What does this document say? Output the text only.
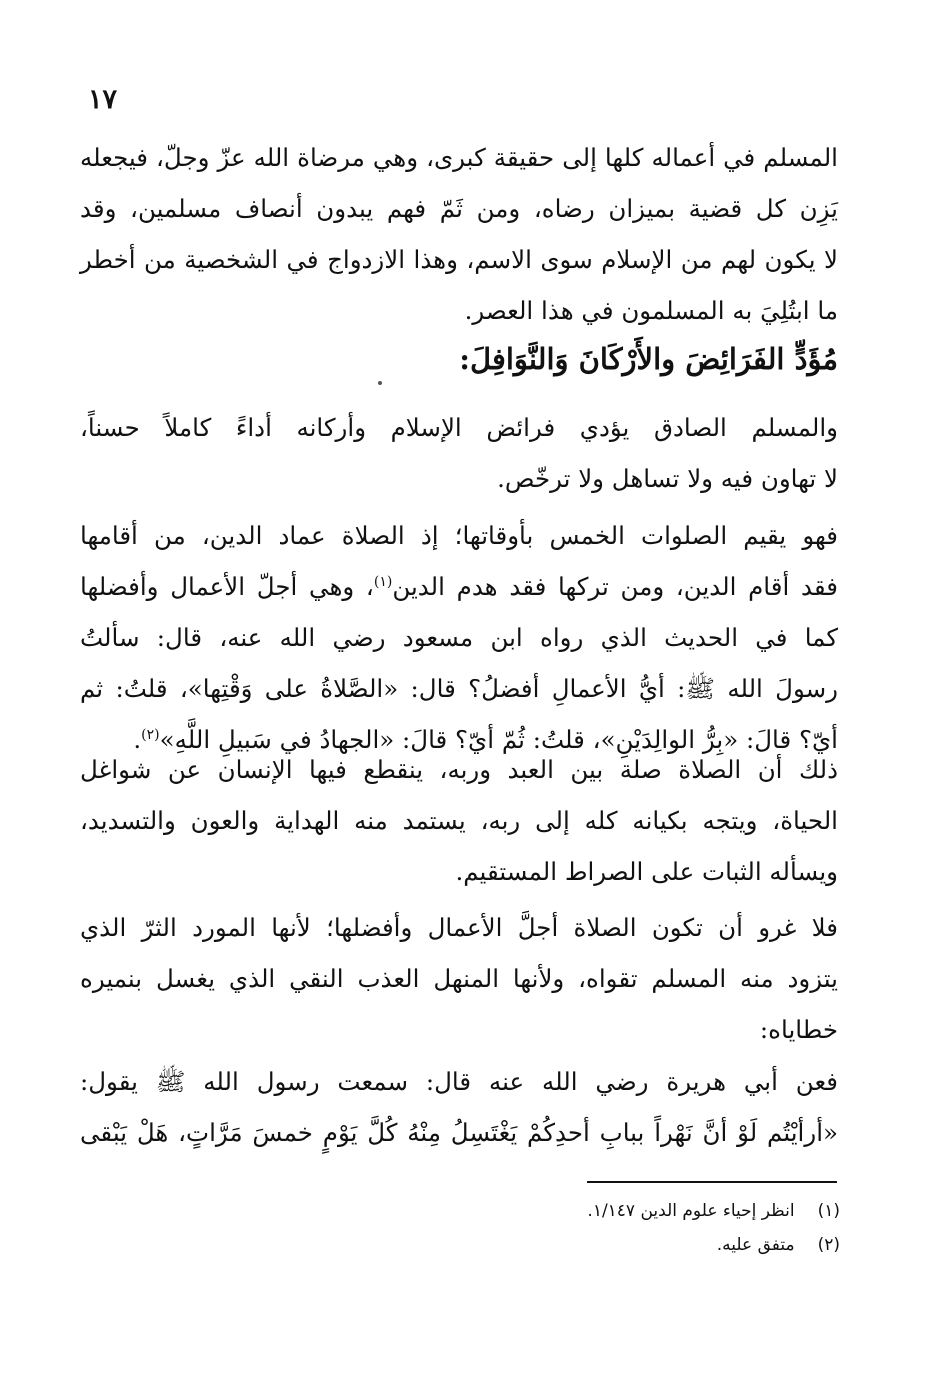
١٧
المسلم في أعماله كلها إلى حقيقة كبرى، وهي مرضاة الله عزّ وجلّ، فيجعله
يَزِن كل قضية بميزان رضاه، ومن ثَمّ فهم يبدون أنصاف مسلمين، وقد
لا يكون لهم من الإسلام سوى الاسم، وهذا الازدواج في الشخصية من أخطر
ما ابتُلِيَ به المسلمون في هذا العصر.
مُؤَدٍّ الفَرَائِضَ والأَرْكَانَ وَالنَّوَافِلَ:
والمسلم الصادق يؤدي فرائض الإسلام وأركانه أداءً كاملاً حسناً،
لا تهاون فيه ولا تساهل ولا ترخّص.
فهو يقيم الصلوات الخمس بأوقاتها؛ إذ الصلاة عماد الدين، من أقامها
فقد أقام الدين، ومن تركها فقد هدم الدين$^{(١)}$، وهي أجلّ الأعمال وأفضلها
كما في الحديث الذي رواه ابن مسعود رضي الله عنه، قال: سألتُ
رسولَ الله ﷺ: أيُّ الأعمالِ أفضلُ؟ قال: «الصَّلاةُ على وَقْتِها»، قلتُ: ثم
أيّ؟ قالَ: «بِرُّ الوالِدَيْنِ»، قلتُ: ثُمّ أيّ؟ قالَ: «الجهادُ في سَبيلِ اللَّهِ»$^{(٢)}$.
ذلك أن الصلاة صلة بين العبد وربه، ينقطع فيها الإنسان عن شواغل
الحياة، ويتجه بكيانه كله إلى ربه، يستمد منه الهداية والعون والتسديد،
ويسأله الثبات على الصراط المستقيم.
فلا غرو أن تكون الصلاة أجلَّ الأعمال وأفضلها؛ لأنها المورد الثرّ الذي
يتزود منه المسلم تقواه، ولأنها المنهل العذب النقي الذي يغسل بنميره
خطاياه:
فعن أبي هريرة رضي الله عنه قال: سمعت رسول الله ﷺ يقول:
«أرأيْتُم لَوْ أنَّ نَهْراً ببابِ أحدِكُمْ يَغْتَسِلُ مِنْهُ كُلَّ يَوْمٍ خمسَ مَرَّاتٍ، هَلْ يَبْقى
(١) انظر إحياء علوم الدين ١/١٤٧.
(٢) متفق عليه.
